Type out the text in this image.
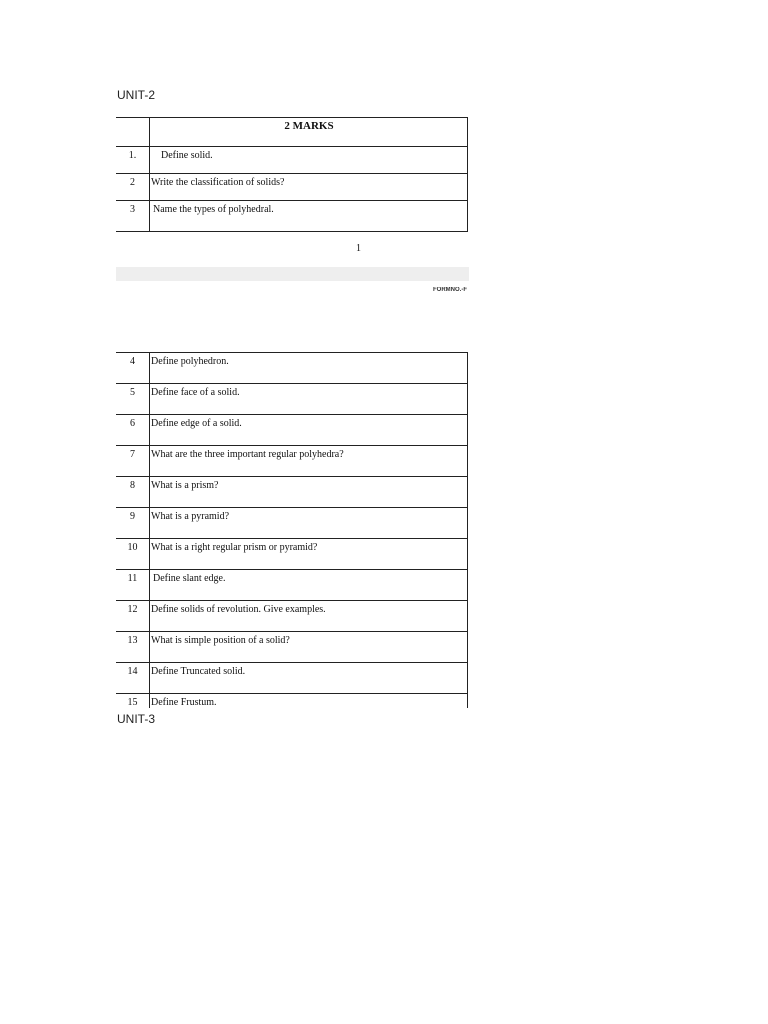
UNIT-2
	2 MARKS
1.	Define solid.
2	Write the classification of solids?
3	Name the types of polyhedral.
1
FORMNO.-F
4	Define polyhedron.
5	Define face of a solid.
6	Define edge of a solid.
7	What are the three important regular polyhedra?
8	What is a prism?
9	What is a pyramid?
10	What is a right regular prism or pyramid?
11	Define slant edge.
12	Define solids of revolution. Give examples.
13	What is simple position of a solid?
14	Define Truncated solid.
15	Define Frustum.
UNIT-3
